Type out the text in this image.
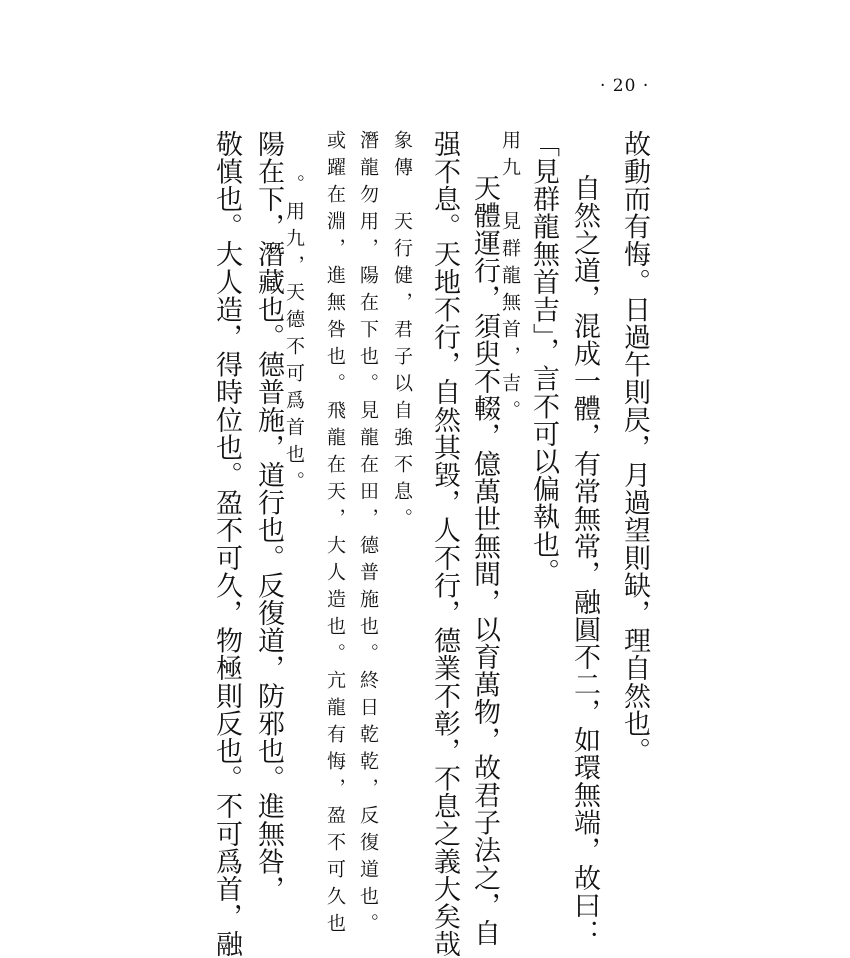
· 20 ·
故動而有悔。日過午則昃，月過望則缺，理自然也。
自然之道，混成一體，有常無常，融圓不二，如環無端，故曰：
「見群龍無首吉」，言不可以偏執也。
用九　見群龍無首，吉。
天體運行，須臾不輟，億萬世無間，以育萬物，故君子法之，自
强不息。天地不行，自然其毀，人不行，德業不彰，不息之義大矣哉
象傳　天行健，君子以自強不息。
潛龍勿用，陽在下也。見龍在田，德普施也。終日乾乾，反復道也。
或躍在淵，進無咎也。飛龍在天，大人造也。亢龍有悔，盈不可久也
。用九，天德不可爲首也。
陽在下，潛藏也。德普施，道行也。反復道，防邪也。進無咎，
敬慎也。大人造，得時位也。盈不可久，物極則反也。不可爲首，融
